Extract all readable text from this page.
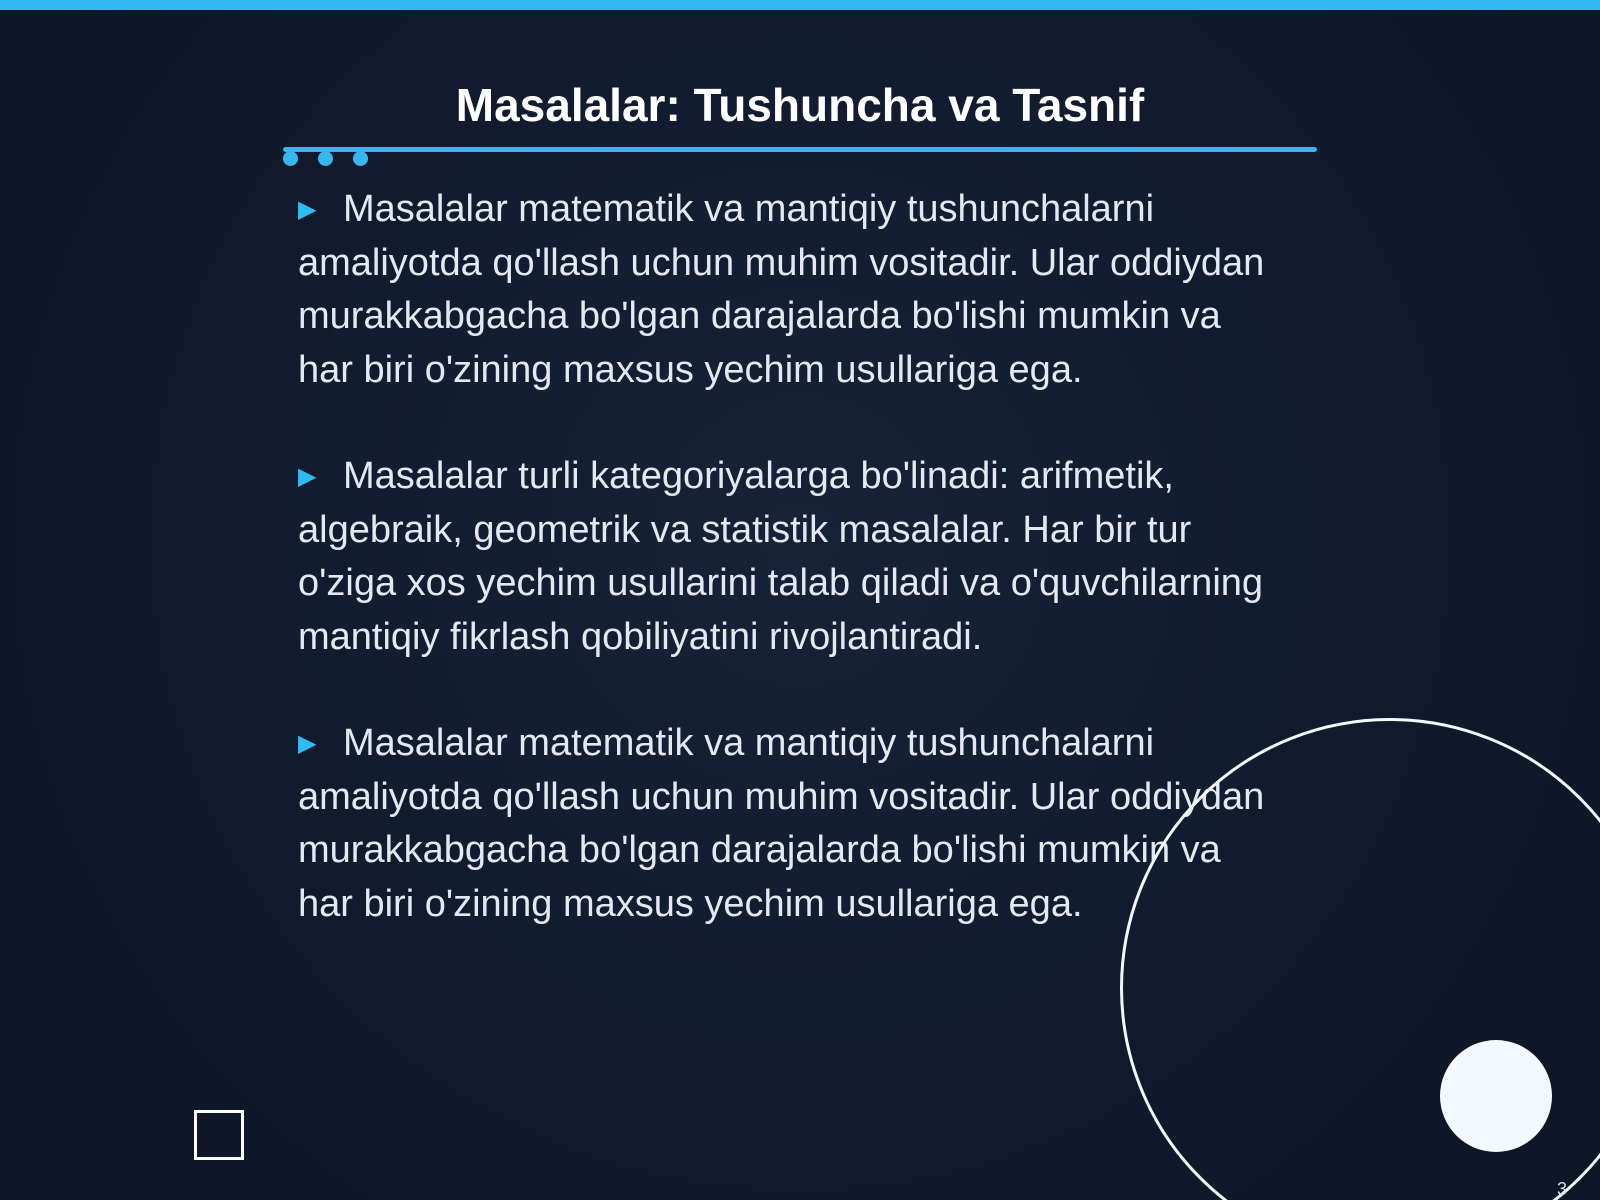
Masalalar: Tushuncha va Tasnif

▶ Masalalar matematik va mantiqiy tushunchalarni amaliyotda qo'llash uchun muhim vositadir. Ular oddiydan murakkabgacha bo'lgan darajalarda bo'lishi mumkin va har biri o'zining maxsus yechim usullariga ega.

▶ Masalalar turli kategoriyalarga bo'linadi: arifmetik, algebraik, geometrik va statistik masalalar. Har bir tur o'ziga xos yechim usullarini talab qiladi va o'quvchilarning mantiqiy fikrlash qobiliyatini rivojlantiradi.

▶ Masalalar matematik va mantiqiy tushunchalarni amaliyotda qo'llash uchun muhim vositadir. Ular oddiydan murakkabgacha bo'lgan darajalarda bo'lishi mumkin va har biri o'zining maxsus yechim usullariga ega.

3
